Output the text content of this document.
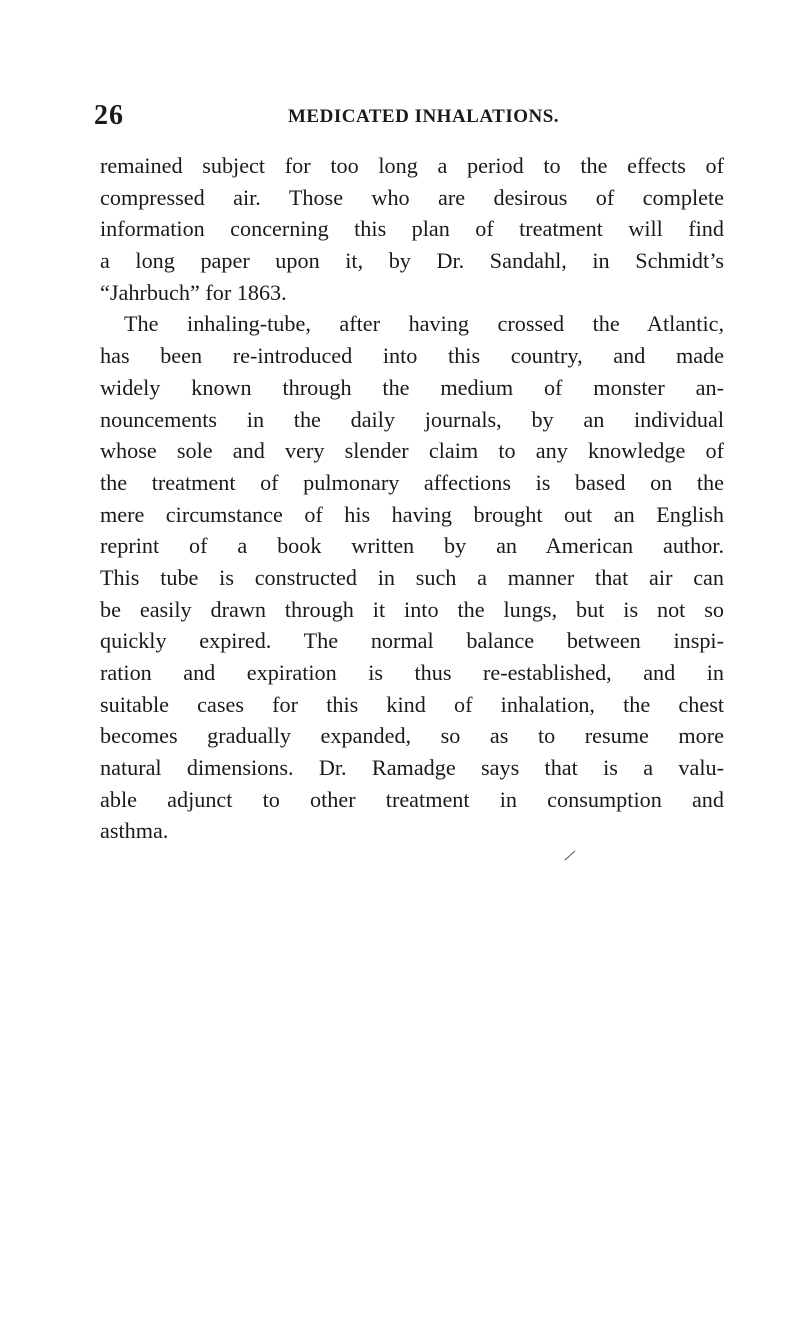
26	MEDICATED INHALATIONS.
remained subject for too long a period to the effects of
compressed air. Those who are desirous of complete
information concerning this plan of treatment will find
a long paper upon it, by Dr. Sandahl, in Schmidt’s
“Jahrbuch” for 1863.
The inhaling-tube, after having crossed the Atlantic,
has been re-introduced into this country, and made
widely known through the medium of monster an-
nouncements in the daily journals, by an individual
whose sole and very slender claim to any knowledge of
the treatment of pulmonary affections is based on the
mere circumstance of his having brought out an English
reprint of a book written by an American author.
This tube is constructed in such a manner that air can
be easily drawn through it into the lungs, but is not so
quickly expired. The normal balance between inspi-
ration and expiration is thus re-established, and in
suitable cases for this kind of inhalation, the chest
becomes gradually expanded, so as to resume more
natural dimensions. Dr. Ramadge says that is a valu-
able adjunct to other treatment in consumption and
asthma.
